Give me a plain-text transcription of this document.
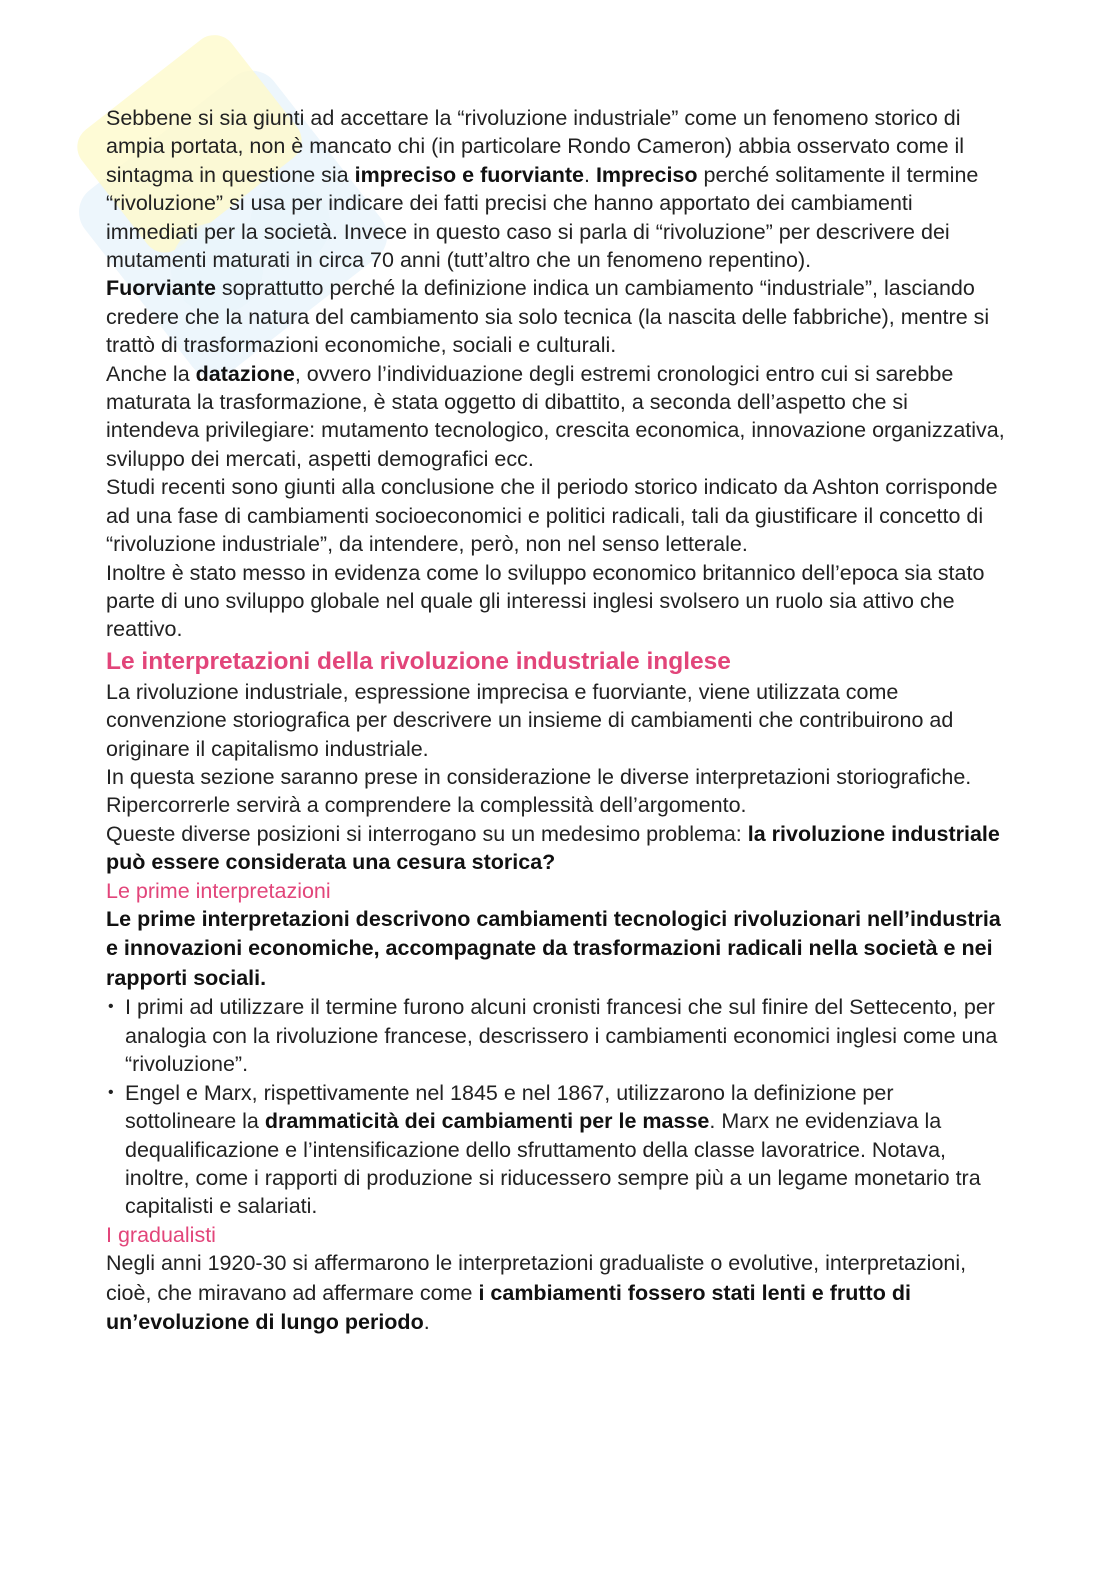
Sebbene si sia giunti ad accettare la “rivoluzione industriale” come un fenomeno storico di ampia portata, non è mancato chi (in particolare Rondo Cameron) abbia osservato come il sintagma in questione sia impreciso e fuorviante. Impreciso perché solitamente il termine “rivoluzione” si usa per indicare dei fatti precisi che hanno apportato dei cambiamenti immediati per la società. Invece in questo caso si parla di “rivoluzione” per descrivere dei mutamenti maturati in circa 70 anni (tutt’altro che un fenomeno repentino).

Fuorviante soprattutto perché la definizione indica un cambiamento “industriale”, lasciando credere che la natura del cambiamento sia solo tecnica (la nascita delle fabbriche), mentre si trattò di trasformazioni economiche, sociali e culturali.

Anche la datazione, ovvero l’individuazione degli estremi cronologici entro cui si sarebbe maturata la trasformazione, è stata oggetto di dibattito, a seconda dell’aspetto che si intendeva privilegiare: mutamento tecnologico, crescita economica, innovazione organizzativa, sviluppo dei mercati, aspetti demografici ecc.

Studi recenti sono giunti alla conclusione che il periodo storico indicato da Ashton corrisponde ad una fase di cambiamenti socioeconomici e politici radicali, tali da giustificare il concetto di “rivoluzione industriale”, da intendere, però, non nel senso letterale.

Inoltre è stato messo in evidenza come lo sviluppo economico britannico dell’epoca sia stato parte di uno sviluppo globale nel quale gli interessi inglesi svolsero un ruolo sia attivo che reattivo.

Le interpretazioni della rivoluzione industriale inglese

La rivoluzione industriale, espressione imprecisa e fuorviante, viene utilizzata come convenzione storiografica per descrivere un insieme di cambiamenti che contribuirono ad originare il capitalismo industriale.

In questa sezione saranno prese in considerazione le diverse interpretazioni storiografiche. Ripercorrerle servirà a comprendere la complessità dell’argomento.

Queste diverse posizioni si interrogano su un medesimo problema: la rivoluzione industriale può essere considerata una cesura storica?

Le prime interpretazioni

Le prime interpretazioni descrivono cambiamenti tecnologici rivoluzionari nell’industria e innovazioni economiche, accompagnate da trasformazioni radicali nella società e nei rapporti sociali.

• I primi ad utilizzare il termine furono alcuni cronisti francesi che sul finire del Settecento, per analogia con la rivoluzione francese, descrissero i cambiamenti economici inglesi come una “rivoluzione”.
• Engel e Marx, rispettivamente nel 1845 e nel 1867, utilizzarono la definizione per sottolineare la drammaticità dei cambiamenti per le masse. Marx ne evidenziava la dequalificazione e l’intensificazione dello sfruttamento della classe lavoratrice. Notava, inoltre, come i rapporti di produzione si riducessero sempre più a un legame monetario tra capitalisti e salariati.

I gradualisti

Negli anni 1920-30 si affermarono le interpretazioni gradualiste o evolutive, interpretazioni, cioè, che miravano ad affermare come i cambiamenti fossero stati lenti e frutto di un’evoluzione di lungo periodo.
